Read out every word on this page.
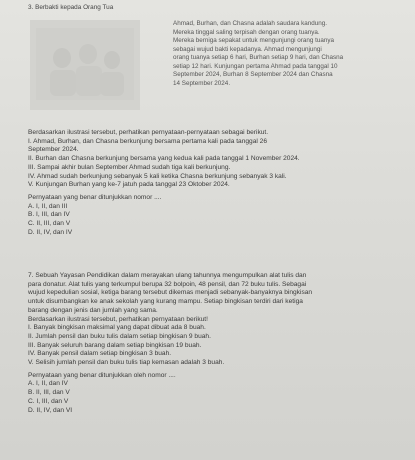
3. Berbakti kepada Orang Tua
Ahmad, Burhan, dan Chasna adalah saudara kandung.
Mereka tinggal saling terpisah dengan orang tuanya.
Mereka berniga sepakat untuk mengunjungi orang tuanya
sebagai wujud bakti kepadanya. Ahmad mengunjungi
orang tuanya setiap 6 hari, Burhan setiap 9 hari, dan Chasna
setiap 12 hari. Kunjungan pertama Ahmad pada tanggal 10
September 2024, Burhan 8 September 2024 dan Chasna
14 September 2024.
Berdasarkan ilustrasi tersebut, perhatikan pernyataan-pernyataan sebagai berikut.
I. Ahmad, Burhan, dan Chasna berkunjung bersama pertama kali pada tanggal 26
September 2024.
II. Burhan dan Chasna berkunjung bersama yang kedua kali pada tanggal 1 November 2024.
III. Sampai akhir bulan September Ahmad sudah tiga kali berkunjung.
IV. Ahmad sudah berkunjung sebanyak 5 kali ketika Chasna berkunjung sebanyak 3 kali.
V. Kunjungan Burhan yang ke-7 jatuh pada tanggal 23 Oktober 2024.
Pernyataan yang benar ditunjukkan nomor ....
A. I, II, dan III
B. I, III, dan IV
C. II, III, dan V
D. II, IV, dan IV
7. Sebuah Yayasan Pendidikan dalam merayakan ulang tahunnya mengumpulkan alat tulis dan
para donatur. Alat tulis yang terkumpul berupa 32 bolpoin, 48 pensil, dan 72 buku tulis. Sebagai
wujud kepedulian sosial, ketiga barang tersebut dikemas menjadi sebanyak-banyaknya bingkisan
untuk disumbangkan ke anak sekolah yang kurang mampu. Setiap bingkisan terdiri dari ketiga
barang dengan jenis dan jumlah yang sama.
Berdasarkan ilustrasi tersebut, perhatikan pernyataan berikut!
I. Banyak bingkisan maksimal yang dapat dibuat ada 8 buah.
II. Jumlah pensil dan buku tulis dalam setiap bingkisan 9 buah.
III. Banyak seluruh barang dalam setiap bingkisan 19 buah.
IV. Banyak pensil dalam setiap bingkisan 3 buah.
V. Selisih jumlah pensil dan buku tulis tiap kemasan adalah 3 buah.
Pernyataan yang benar ditunjukkan oleh nomor ....
A. I, II, dan IV
B. II, III, dan V
C. I, III, dan V
D. II, IV, dan VI
